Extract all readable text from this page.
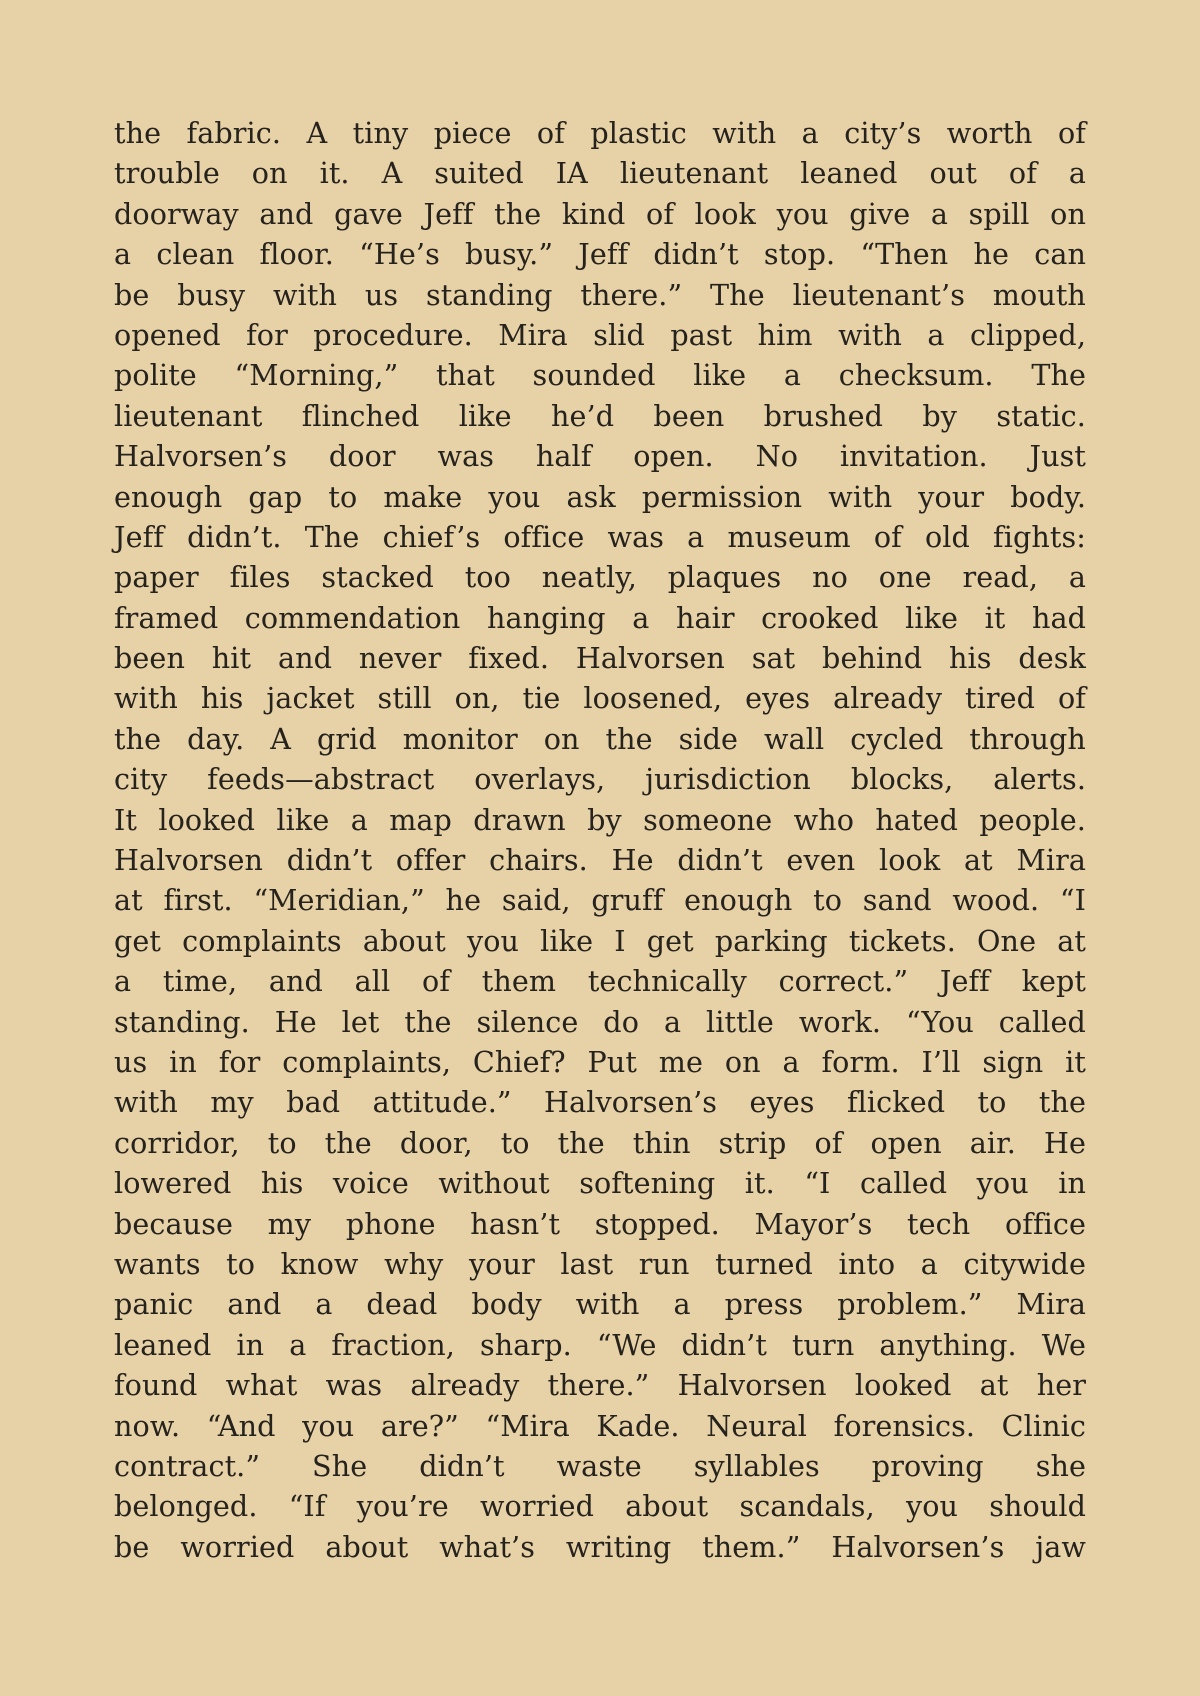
the fabric. A tiny piece of plastic with a city’s worth of
trouble on it. A suited IA lieutenant leaned out of a
doorway and gave Jeff the kind of look you give a spill on
a clean floor. “He’s busy.” Jeff didn’t stop. “Then he can
be busy with us standing there.” The lieutenant’s mouth
opened for procedure. Mira slid past him with a clipped,
polite “Morning,” that sounded like a checksum. The
lieutenant flinched like he’d been brushed by static.
Halvorsen’s door was half open. No invitation. Just
enough gap to make you ask permission with your body.
Jeff didn’t. The chief’s office was a museum of old fights:
paper files stacked too neatly, plaques no one read, a
framed commendation hanging a hair crooked like it had
been hit and never fixed. Halvorsen sat behind his desk
with his jacket still on, tie loosened, eyes already tired of
the day. A grid monitor on the side wall cycled through
city feeds—abstract overlays, jurisdiction blocks, alerts.
It looked like a map drawn by someone who hated people.
Halvorsen didn’t offer chairs. He didn’t even look at Mira
at first. “Meridian,” he said, gruff enough to sand wood. “I
get complaints about you like I get parking tickets. One at
a time, and all of them technically correct.” Jeff kept
standing. He let the silence do a little work. “You called
us in for complaints, Chief? Put me on a form. I’ll sign it
with my bad attitude.” Halvorsen’s eyes flicked to the
corridor, to the door, to the thin strip of open air. He
lowered his voice without softening it. “I called you in
because my phone hasn’t stopped. Mayor’s tech office
wants to know why your last run turned into a citywide
panic and a dead body with a press problem.” Mira
leaned in a fraction, sharp. “We didn’t turn anything. We
found what was already there.” Halvorsen looked at her
now. “And you are?” “Mira Kade. Neural forensics. Clinic
contract.” She didn’t waste syllables proving she
belonged. “If you’re worried about scandals, you should
be worried about what’s writing them.” Halvorsen’s jaw
